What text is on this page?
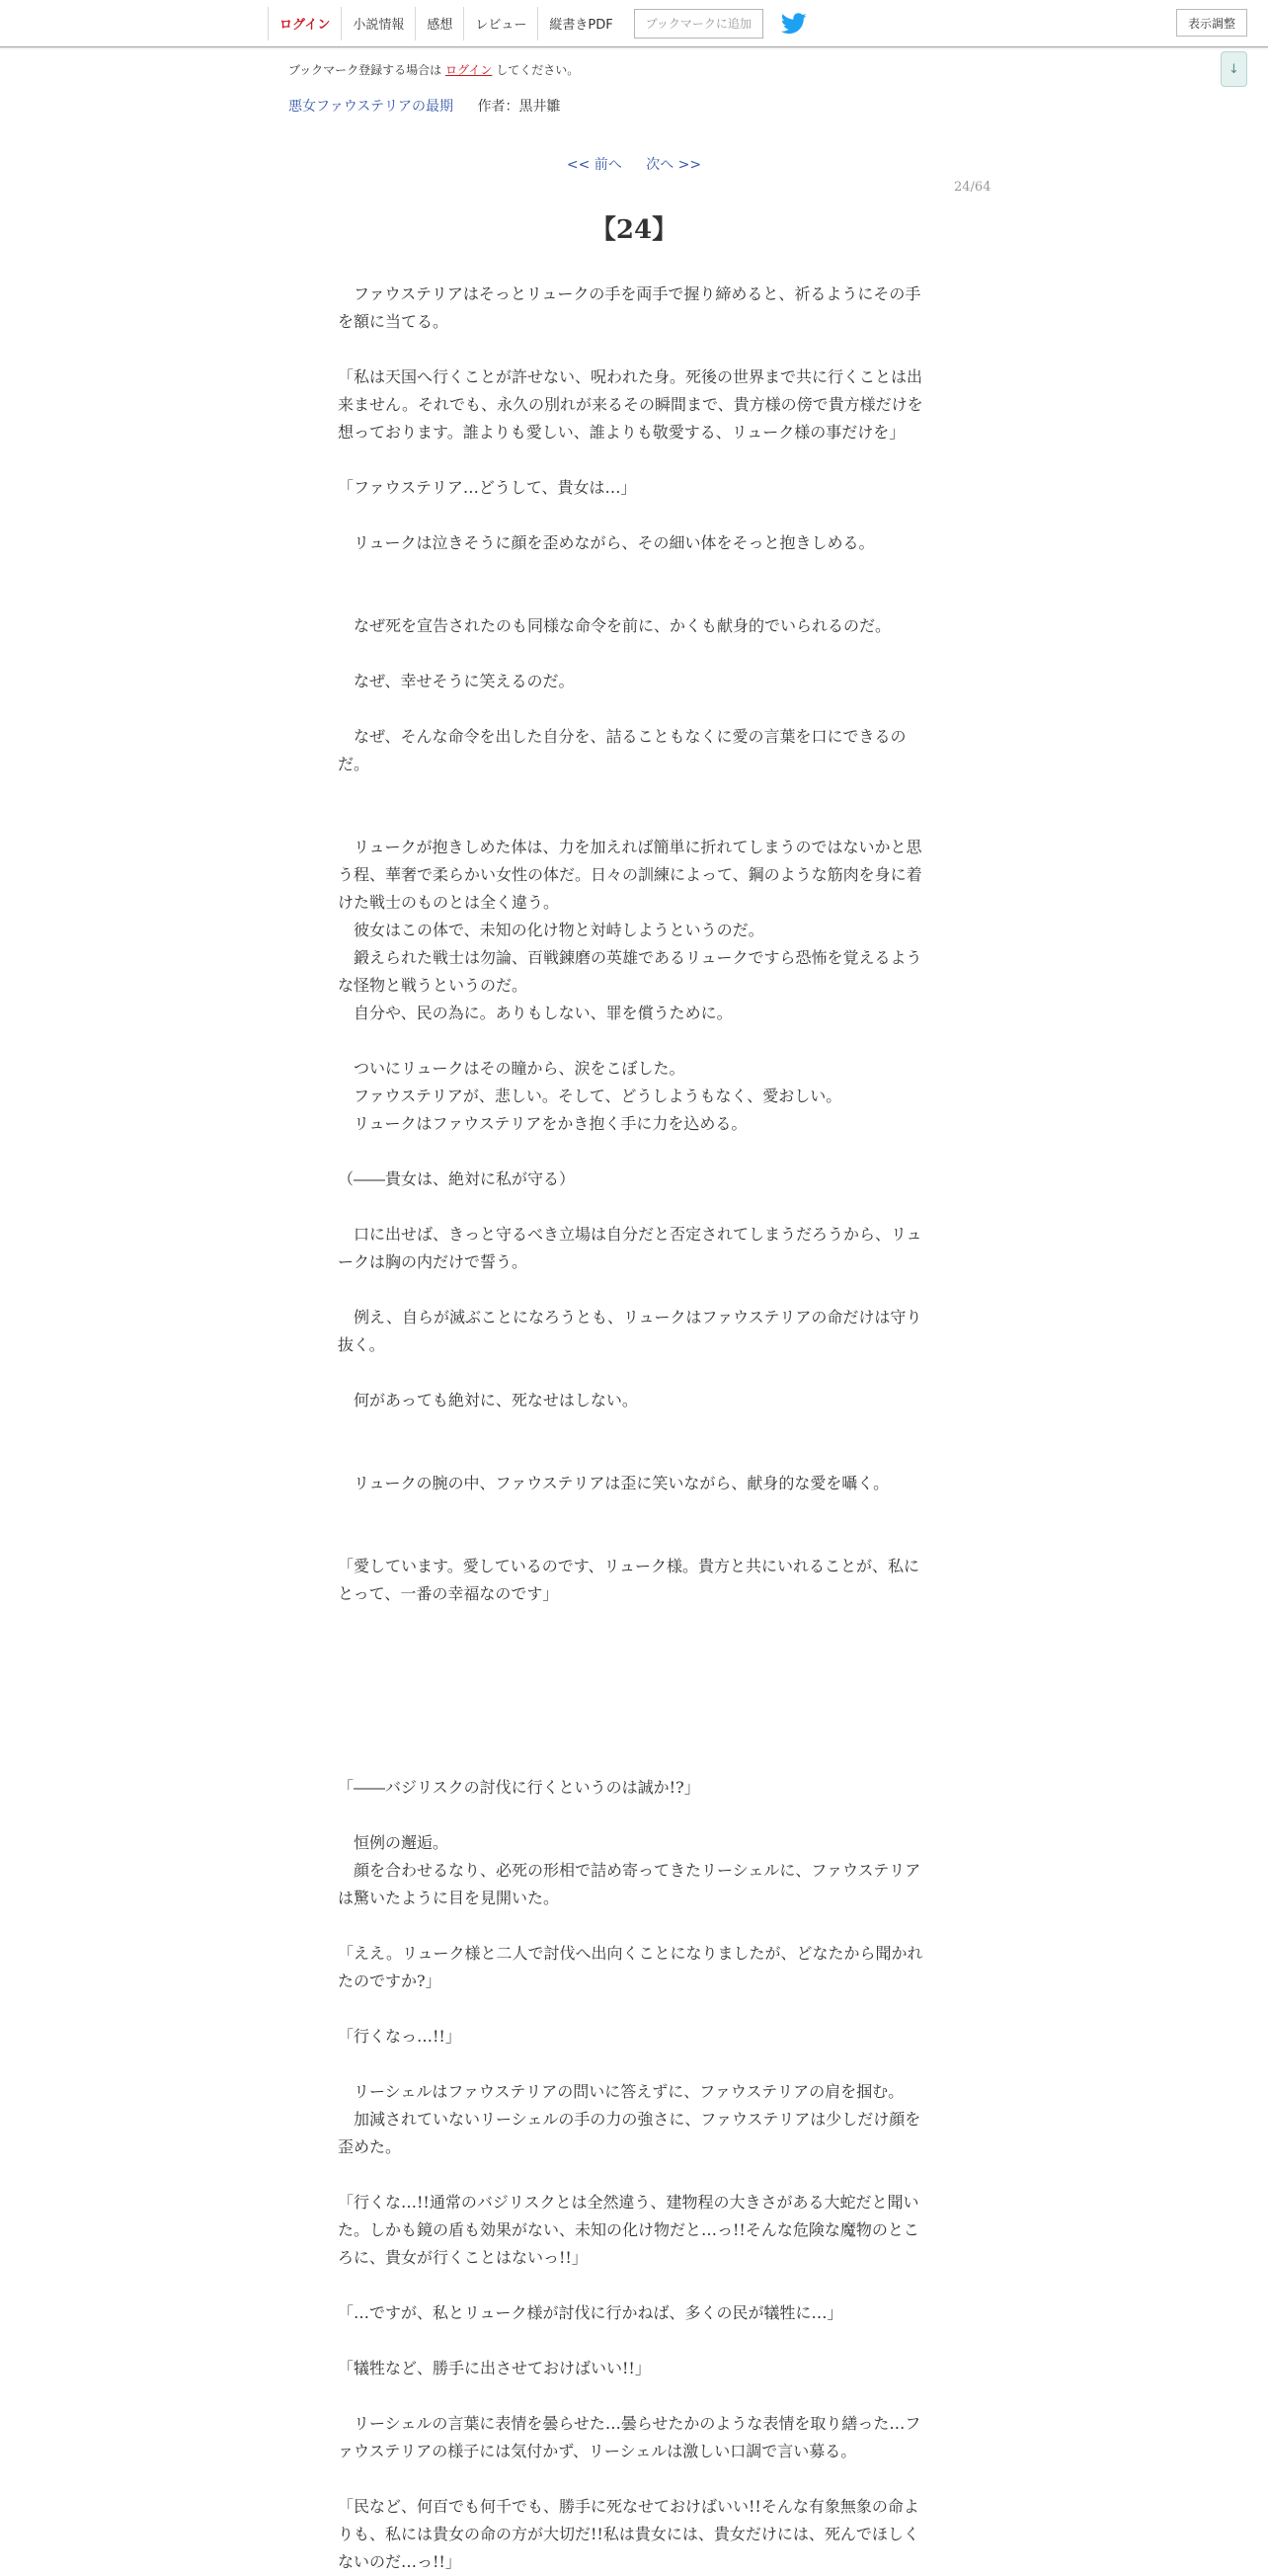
ログイン	小説情報	感想	レビュー	縦書きPDF	ブックマークに追加	表示調整
↓
ブックマーク登録する場合は ログイン してください。
悪女ファウステリアの最期 作者：黒井雛
<< 前へ 次へ >>
24/64
【24】

　ファウステリアはそっとリュークの手を両手で握り締めると、祈るようにその手を額に当てる。

「私は天国へ行くことが許せない、呪われた身。死後の世界まで共に行くことは出来ません。それでも、永久の別れが来るその瞬間まで、貴方様の傍で貴方様だけを想っております。誰よりも愛しい、誰よりも敬愛する、リューク様の事だけを」

「ファウステリア…どうして、貴女は…」

　リュークは泣きそうに顔を歪めながら、その細い体をそっと抱きしめる。

　なぜ死を宣告されたのも同様な命令を前に、かくも献身的でいられるのだ。

　なぜ、幸せそうに笑えるのだ。

　なぜ、そんな命令を出した自分を、詰ることもなくに愛の言葉を口にできるのだ。

　リュークが抱きしめた体は、力を加えれば簡単に折れてしまうのではないかと思う程、華奢で柔らかい女性の体だ。日々の訓練によって、鋼のような筋肉を身に着けた戦士のものとは全く違う。

　彼女はこの体で、未知の化け物と対峙しようというのだ。

　鍛えられた戦士は勿論、百戦錬磨の英雄であるリュークですら恐怖を覚えるような怪物と戦うというのだ。

　自分や、民の為に。ありもしない、罪を償うために。

　ついにリュークはその瞳から、涙をこぼした。

　ファウステリアが、悲しい。そして、どうしようもなく、愛おしい。

　リュークはファウステリアをかき抱く手に力を込める。

（――貴女は、絶対に私が守る）

　口に出せば、きっと守るべき立場は自分だと否定されてしまうだろうから、リュークは胸の内だけで誓う。

　例え、自らが滅ぶことになろうとも、リュークはファウステリアの命だけは守り抜く。

　何があっても絶対に、死なせはしない。

　リュークの腕の中、ファウステリアは歪に笑いながら、献身的な愛を囁く。

「愛しています。愛しているのです、リューク様。貴方と共にいれることが、私にとって、一番の幸福なのです」

「――バジリスクの討伐に行くというのは誠か!?」

　恒例の邂逅。

　顔を合わせるなり、必死の形相で詰め寄ってきたリーシェルに、ファウステリアは驚いたように目を見開いた。

「ええ。リューク様と二人で討伐へ出向くことになりましたが、どなたから聞かれたのですか?」

「行くなっ…!!」

　リーシェルはファウステリアの問いに答えずに、ファウステリアの肩を掴む。

　加減されていないリーシェルの手の力の強さに、ファウステリアは少しだけ顔を歪めた。

「行くな…!!通常のバジリスクとは全然違う、建物程の大きさがある大蛇だと聞いた。しかも鏡の盾も効果がない、未知の化け物だと…っ!!そんな危険な魔物のところに、貴女が行くことはないっ!!」

「…ですが、私とリューク様が討伐に行かねば、多くの民が犠牲に…」

「犠牲など、勝手に出させておけばいい!!」

　リーシェルの言葉に表情を曇らせた…曇らせたかのような表情を取り繕った…ファウステリアの様子には気付かず、リーシェルは激しい口調で言い募る。

「民など、何百でも何千でも、勝手に死なせておけばいい!!そんな有象無象の命よりも、私には貴女の命の方が大切だ!!私は貴女には、貴女だけには、死んでほしくないのだ…っ!!」
